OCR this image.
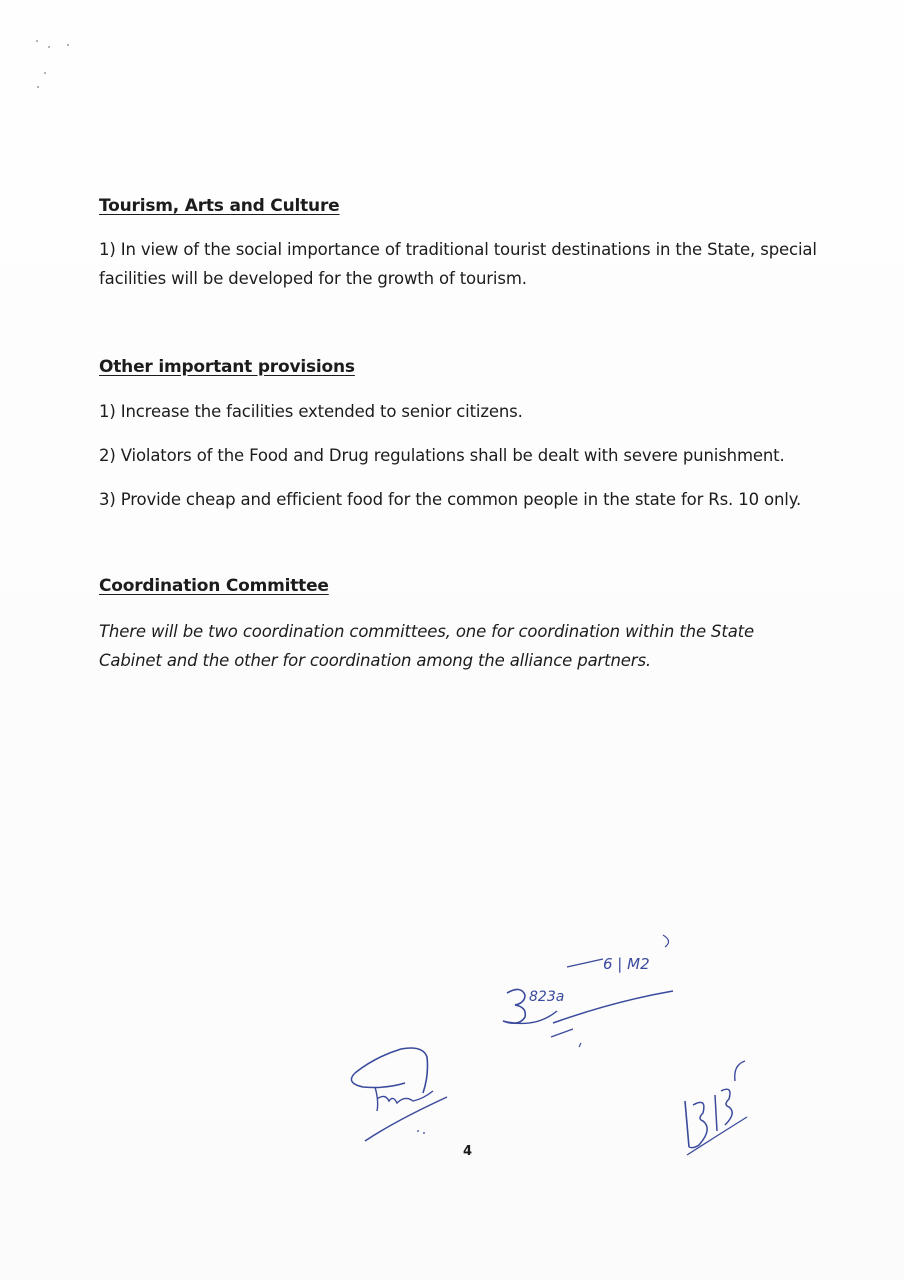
Tourism, Arts and Culture
1) In view of the social importance of traditional tourist destinations in the State, special facilities will be developed for the growth of tourism.
Other important provisions
1) Increase the facilities extended to senior citizens.
2) Violators of the Food and Drug regulations shall be dealt with severe punishment.
3) Provide cheap and efficient food for the common people in the state for Rs. 10 only.
Coordination Committee
There will be two coordination committees, one for coordination within the State Cabinet and the other for coordination among the alliance partners.
823a
6 | M2
4
